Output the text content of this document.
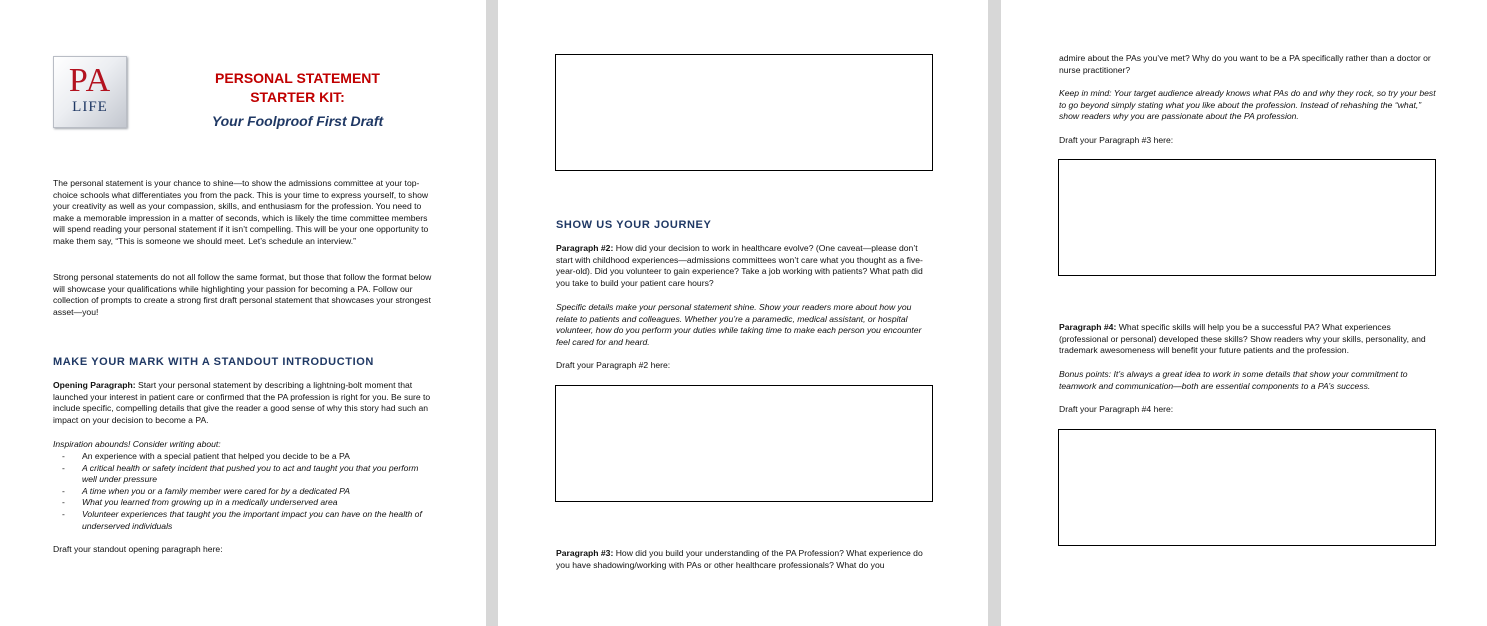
PA
LIFE
PERSONAL STATEMENT
STARTER KIT:
Your Foolproof First Draft
The personal statement is your chance to shine—to show the admissions committee at your top-choice schools what differentiates you from the pack. This is your time to express yourself, to show your creativity as well as your compassion, skills, and enthusiasm for the profession. You need to make a memorable impression in a matter of seconds, which is likely the time committee members will spend reading your personal statement if it isn’t compelling. This will be your one opportunity to make them say, “This is someone we should meet. Let’s schedule an interview.”
Strong personal statements do not all follow the same format, but those that follow the format below will showcase your qualifications while highlighting your passion for becoming a PA. Follow our collection of prompts to create a strong first draft personal statement that showcases your strongest asset—you!
MAKE YOUR MARK WITH A STANDOUT INTRODUCTION
Opening Paragraph: Start your personal statement by describing a lightning-bolt moment that launched your interest in patient care or confirmed that the PA profession is right for you. Be sure to include specific, compelling details that give the reader a good sense of why this story had such an impact on your decision to become a PA.
Inspiration abounds! Consider writing about:
- An experience with a special patient that helped you decide to be a PA
- A critical health or safety incident that pushed you to act and taught you that you perform well under pressure
- A time when you or a family member were cared for by a dedicated PA
- What you learned from growing up in a medically underserved area
- Volunteer experiences that taught you the important impact you can have on the health of underserved individuals
Draft your standout opening paragraph here:
SHOW US YOUR JOURNEY
Paragraph #2: How did your decision to work in healthcare evolve? (One caveat—please don’t start with childhood experiences—admissions committees won’t care what you thought as a five-year-old). Did you volunteer to gain experience? Take a job working with patients? What path did you take to build your patient care hours?
Specific details make your personal statement shine. Show your readers more about how you relate to patients and colleagues. Whether you’re a paramedic, medical assistant, or hospital volunteer, how do you perform your duties while taking time to make each person you encounter feel cared for and heard.
Draft your Paragraph #2 here:
Paragraph #3: How did you build your understanding of the PA Profession? What experience do you have shadowing/working with PAs or other healthcare professionals? What do you
admire about the PAs you’ve met? Why do you want to be a PA specifically rather than a doctor or nurse practitioner?
Keep in mind: Your target audience already knows what PAs do and why they rock, so try your best to go beyond simply stating what you like about the profession. Instead of rehashing the “what,” show readers why you are passionate about the PA profession.
Draft your Paragraph #3 here:
Paragraph #4: What specific skills will help you be a successful PA? What experiences (professional or personal) developed these skills? Show readers why your skills, personality, and trademark awesomeness will benefit your future patients and the profession.
Bonus points: It’s always a great idea to work in some details that show your commitment to teamwork and communication—both are essential components to a PA’s success.
Draft your Paragraph #4 here:
